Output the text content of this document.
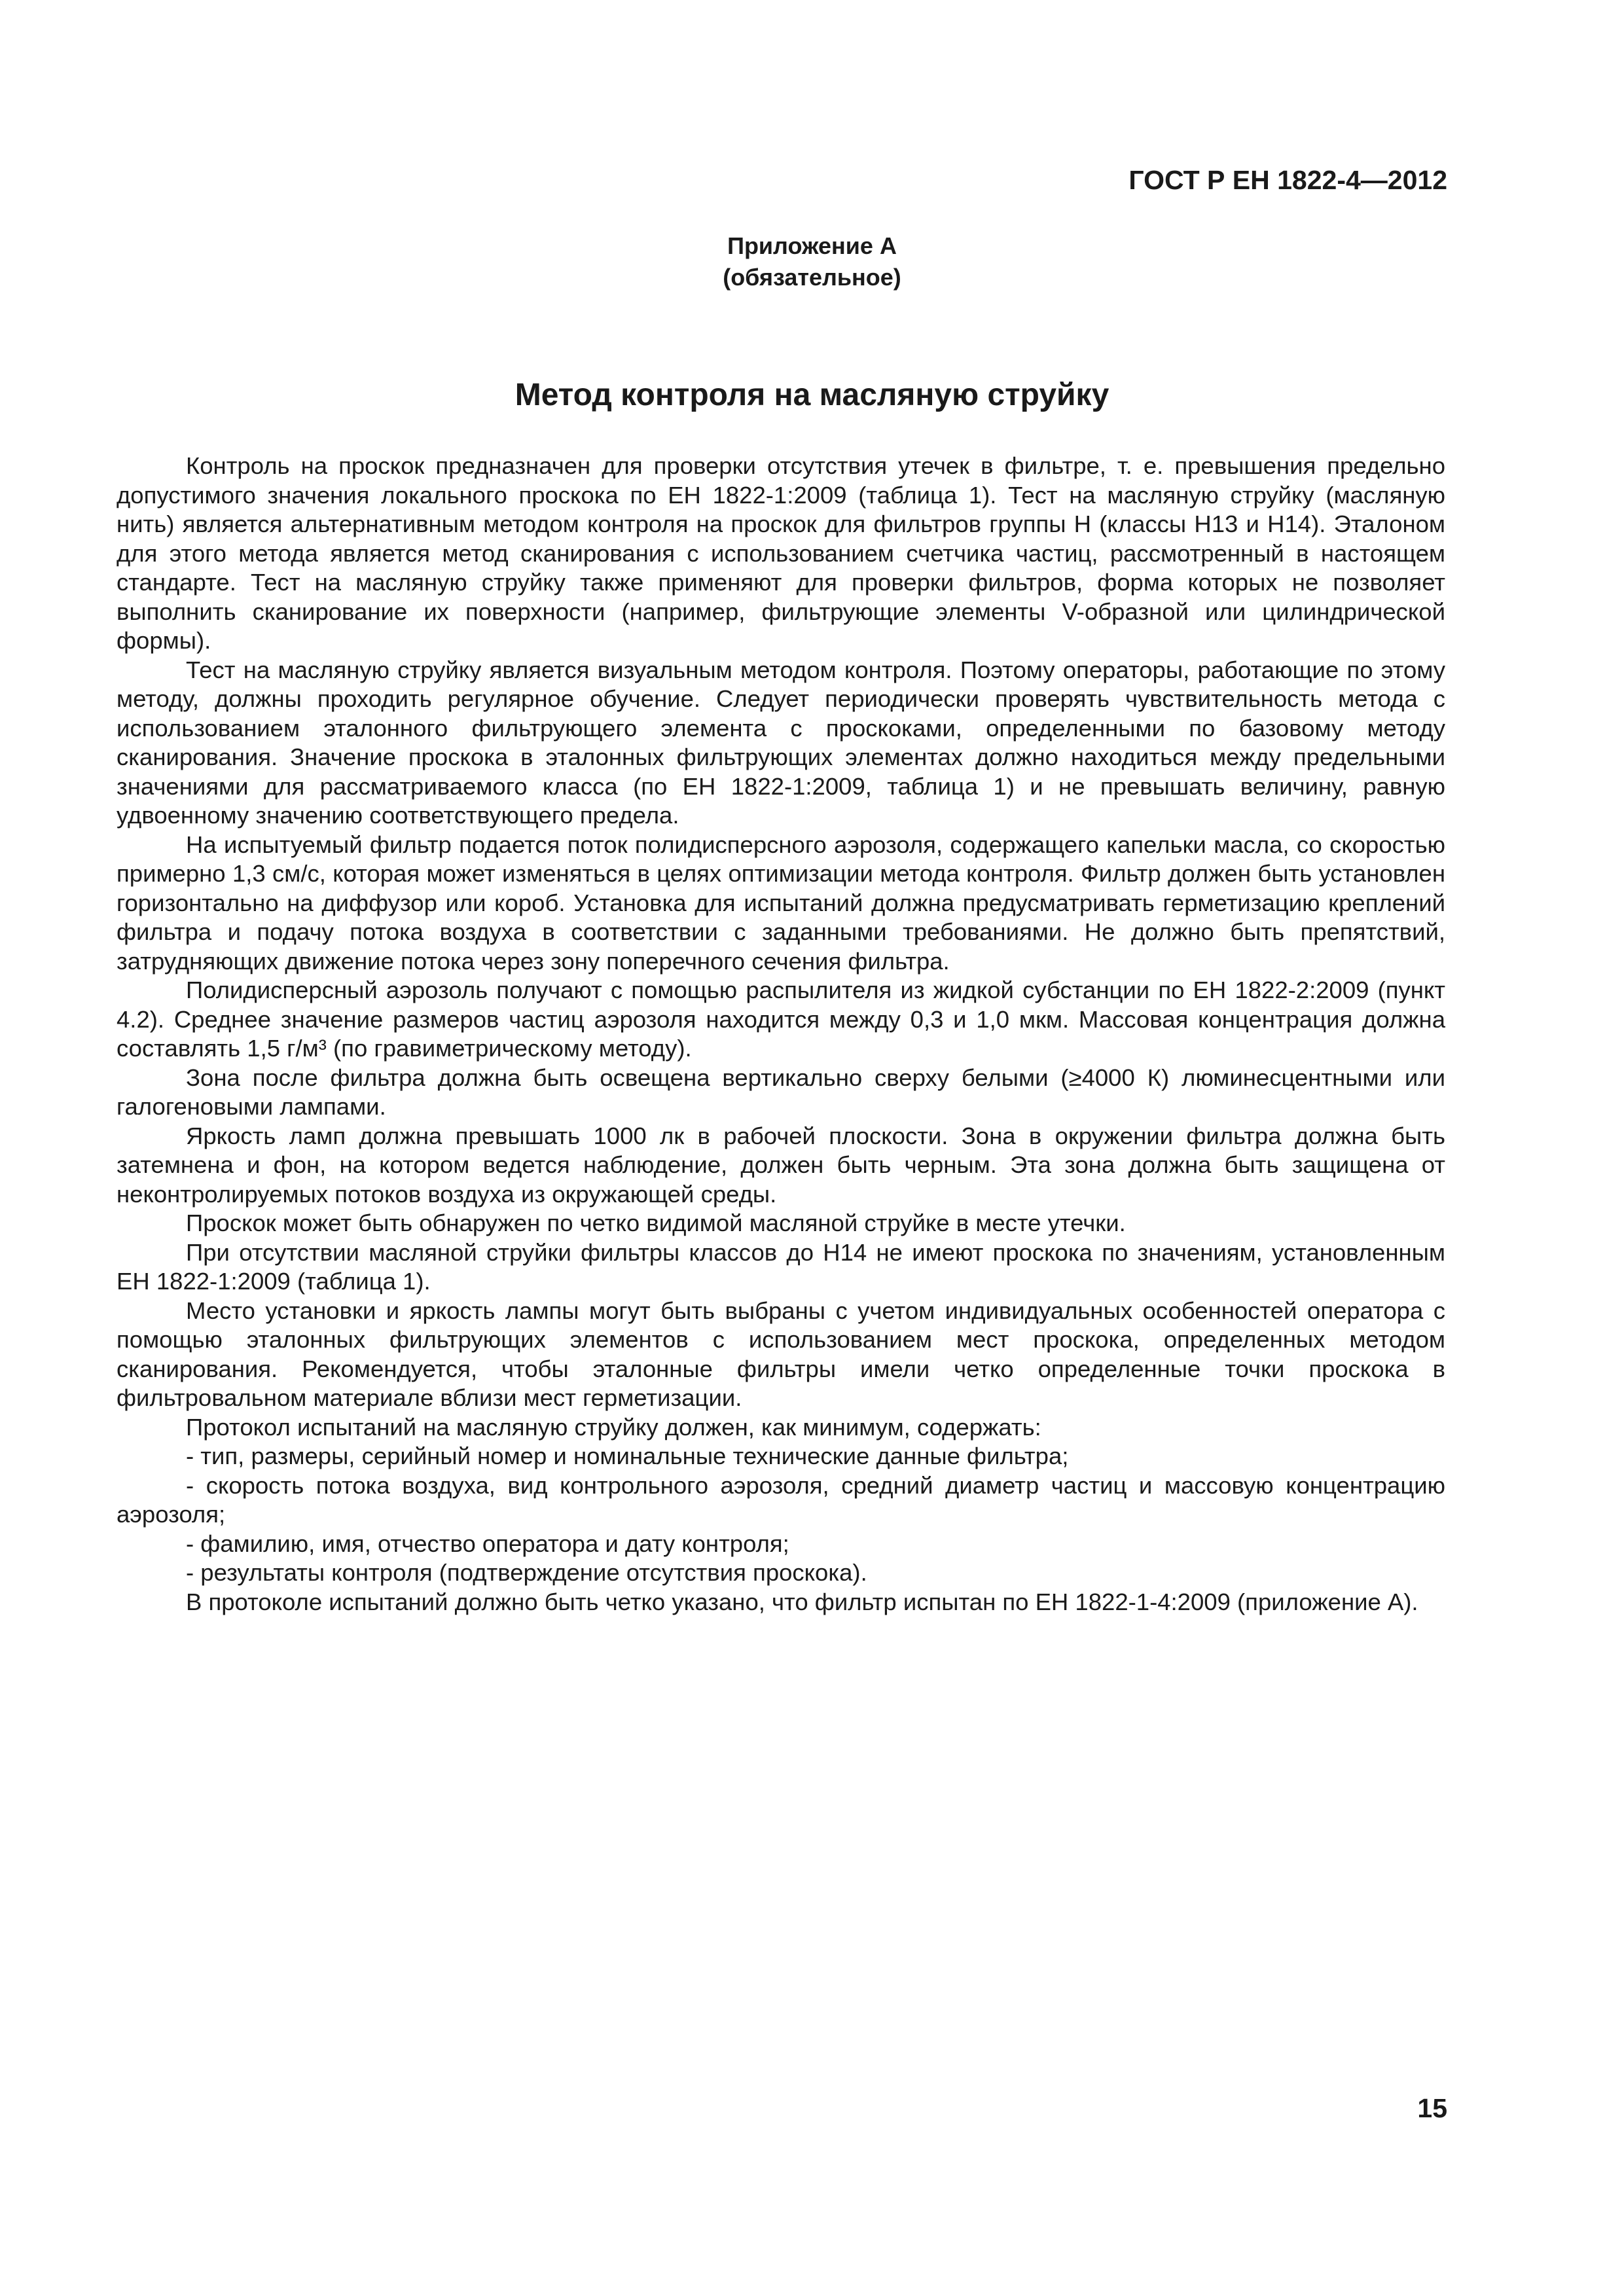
ГОСТ Р ЕН 1822-4—2012

Приложение А
(обязательное)
Метод контроля на масляную струйку

Контроль на проскок предназначен для проверки отсутствия утечек в фильтре, т. е. превышения предельно допустимого значения локального проскока по ЕН 1822-1:2009 (таблица 1). Тест на масляную струйку (масляную нить) является альтернативным методом контроля на проскок для фильтров группы Н (классы Н13 и Н14). Эталоном для этого метода является метод сканирования с использованием счетчика частиц, рассмотренный в настоящем стандарте. Тест на масляную струйку также применяют для проверки фильтров, форма которых не позволяет выполнить сканирование их поверхности (например, фильтрующие элементы V-образной или цилиндрической формы).

Тест на масляную струйку является визуальным методом контроля. Поэтому операторы, работающие по этому методу, должны проходить регулярное обучение. Следует периодически проверять чувствительность метода с использованием эталонного фильтрующего элемента с проскоками, определенными по базовому методу сканирования. Значение проскока в эталонных фильтрующих элементах должно находиться между предельными значениями для рассматриваемого класса (по ЕН 1822-1:2009, таблица 1) и не превышать величину, равную удвоенному значению соответствующего предела.

На испытуемый фильтр подается поток полидисперсного аэрозоля, содержащего капельки масла, со скоростью примерно 1,3 см/с, которая может изменяться в целях оптимизации метода контроля. Фильтр должен быть установлен горизонтально на диффузор или короб. Установка для испытаний должна предусматривать герметизацию креплений фильтра и подачу потока воздуха в соответствии с заданными требованиями. Не должно быть препятствий, затрудняющих движение потока через зону поперечного сечения фильтра.

Полидисперсный аэрозоль получают с помощью распылителя из жидкой субстанции по ЕН 1822-2:2009 (пункт 4.2). Среднее значение размеров частиц аэрозоля находится между 0,3 и 1,0 мкм. Массовая концентрация должна составлять 1,5 г/м³ (по гравиметрическому методу).

Зона после фильтра должна быть освещена вертикально сверху белыми (≥4000 К) люминесцентными или галогеновыми лампами.

Яркость ламп должна превышать 1000 лк в рабочей плоскости. Зона в окружении фильтра должна быть затемнена и фон, на котором ведется наблюдение, должен быть черным. Эта зона должна быть защищена от неконтролируемых потоков воздуха из окружающей среды.

Проскок может быть обнаружен по четко видимой масляной струйке в месте утечки.

При отсутствии масляной струйки фильтры классов до Н14 не имеют проскока по значениям, установленным ЕН 1822-1:2009 (таблица 1).

Место установки и яркость лампы могут быть выбраны с учетом индивидуальных особенностей оператора с помощью эталонных фильтрующих элементов с использованием мест проскока, определенных методом сканирования. Рекомендуется, чтобы эталонные фильтры имели четко определенные точки проскока в фильтровальном материале вблизи мест герметизации.

Протокол испытаний на масляную струйку должен, как минимум, содержать:

- тип, размеры, серийный номер и номинальные технические данные фильтра;

- скорость потока воздуха, вид контрольного аэрозоля, средний диаметр частиц и массовую концентрацию аэрозоля;

- фамилию, имя, отчество оператора и дату контроля;

- результаты контроля (подтверждение отсутствия проскока).

В протоколе испытаний должно быть четко указано, что фильтр испытан по ЕН 1822-1-4:2009 (приложение А).

15
